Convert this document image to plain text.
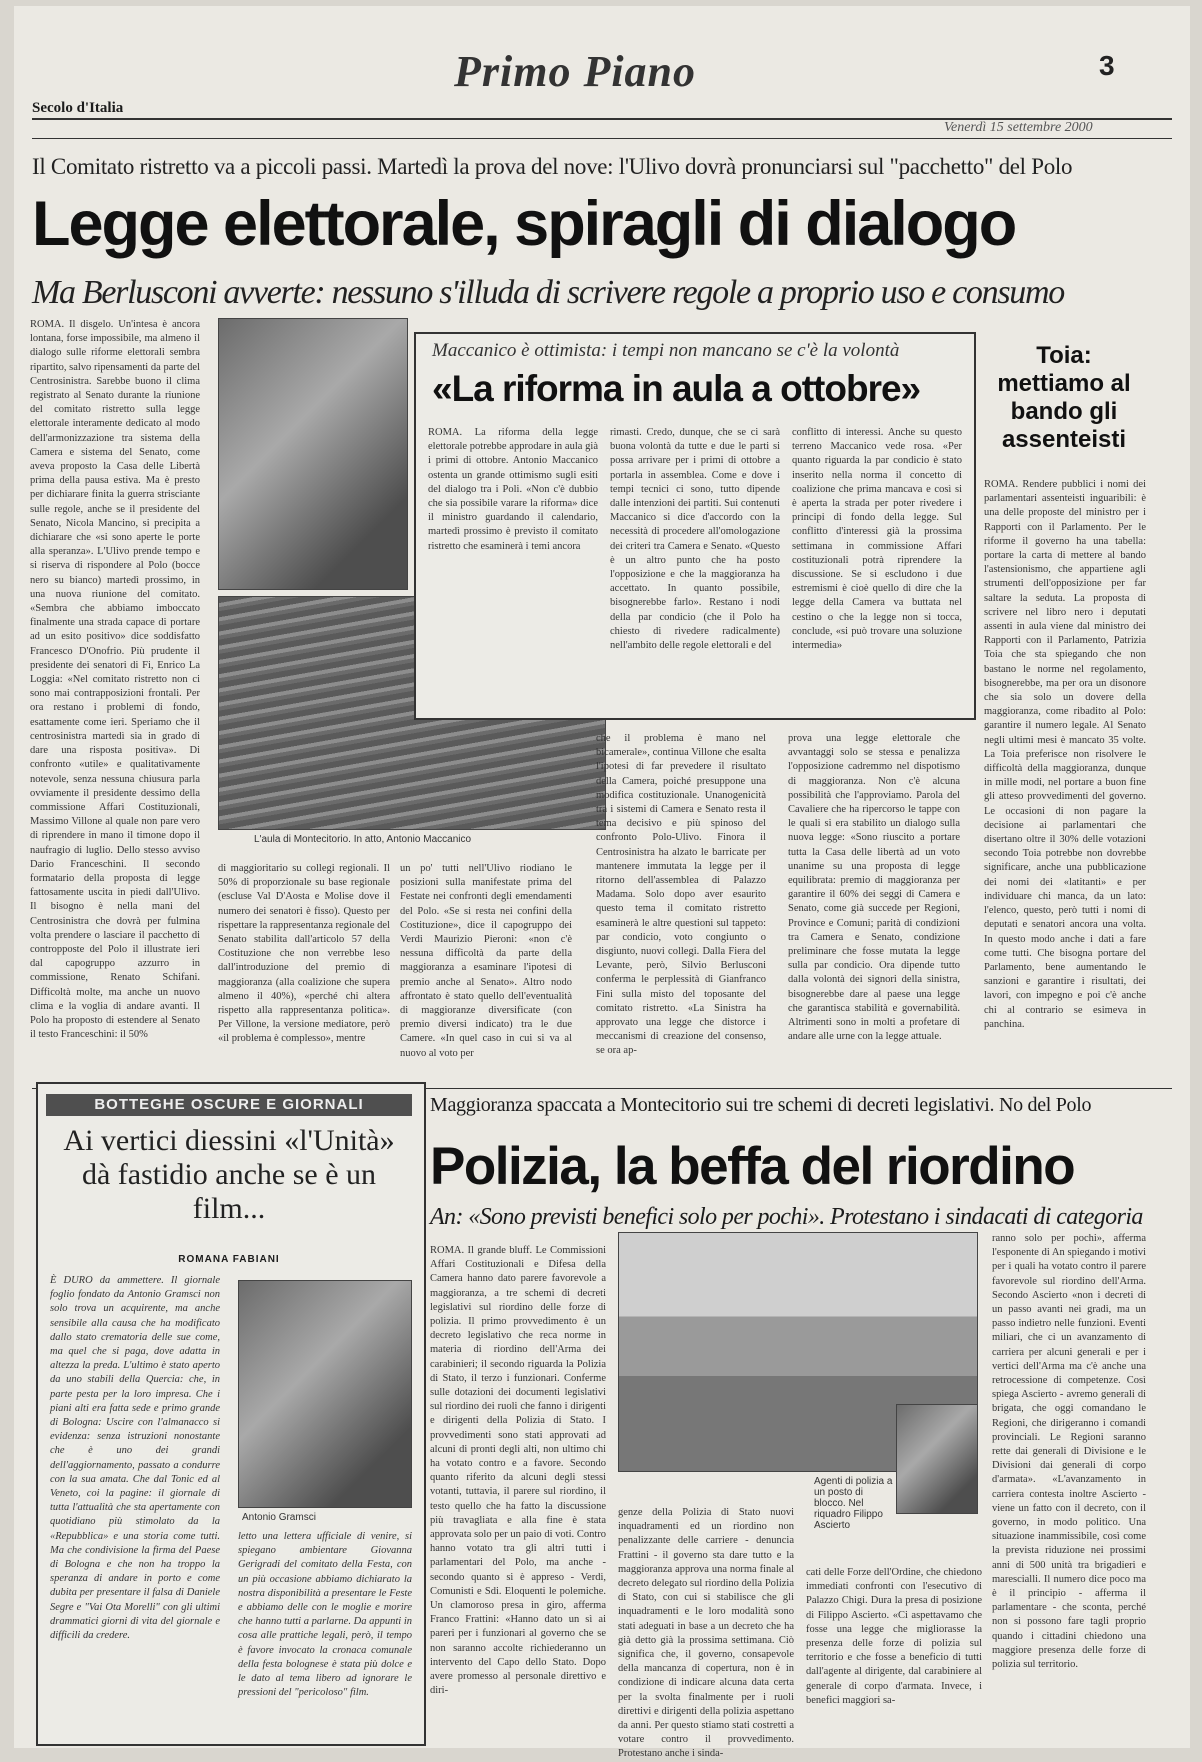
Primo Piano	3
Secolo d'Italia
Venerdì 15 settembre 2000
Il Comitato ristretto va a piccoli passi. Martedì la prova del nove: l'Ulivo dovrà pronunciarsi sul "pacchetto" del Polo
Legge elettorale, spiragli di dialogo
Ma Berlusconi avverte: nessuno s'illuda di scrivere regole a proprio uso e consumo
ROMA. Il disgelo. Un'intesa è ancora lontana, forse impossibile, ma almeno il dialogo sulle riforme elettorali sembra ripartito, salvo ripensamenti da parte del Centrosinistra. Sarebbe buono il clima registrato al Senato durante la riunione del comitato ristretto sulla legge elettorale interamente dedicato al modo dell'armonizzazione tra sistema della Camera e sistema del Senato, come aveva proposto la Casa delle Libertà prima della pausa estiva. Ma è presto per dichiarare finita la guerra strisciante sulle regole, anche se il presidente del Senato, Nicola Mancino, si precipita a dichiarare che «si sono aperte le porte alla speranza». L'Ulivo prende tempo e si riserva di rispondere al Polo (bocce nero su bianco) martedì prossimo, in una nuova riunione del comitato. «Sembra che abbiamo imboccato finalmente una strada capace di portare ad un esito positivo» dice soddisfatto Francesco D'Onofrio. Più prudente il presidente dei senatori di Fi, Enrico La Loggia: «Nel comitato ristretto non ci sono mai contrapposizioni frontali. Per ora restano i problemi di fondo, esattamente come ieri. Speriamo che il centrosinistra martedì sia in grado di dare una risposta positiva». Di confronto «utile» e qualitativamente notevole, senza nessuna chiusura parla ovviamente il presidente dessimo della commissione Affari Costituzionali, Massimo Villone al quale non pare vero di riprendere in mano il timone dopo il naufragio di luglio. Dello stesso avviso Dario Franceschini. Il secondo formatario della proposta di legge fattosamente uscita in piedi dall'Ulivo. Il bisogno è nella mani del Centrosinistra che dovrà per fulmina volta prendere o lasciare il pacchetto di contropposte del Polo il illustrate ieri dal capogruppo azzurro in commissione, Renato Schifani. Difficoltà molte, ma anche un nuovo clima e la voglia di andare avanti. Il Polo ha proposto di estendere al Senato il testo Franceschini: il 50%
L'aula di Montecitorio. In atto, Antonio Maccanico
di maggioritario su collegi regionali. Il 50% di proporzionale su base regionale (escluse Val D'Aosta e Molise dove il numero dei senatori è fisso). Questo per rispettare la rappresentanza regionale del Senato stabilita dall'articolo 57 della Costituzione che non verrebbe leso dall'introduzione del premio di maggioranza (alla coalizione che supera almeno il 40%), «perché chi altera rispetto alla rappresentanza politica». Per Villone, la versione mediatore, però «il problema è complesso», mentre
un po' tutti nell'Ulivo riodiano le posizioni sulla manifestate prima del Festate nei confronti degli emendamenti del Polo. «Se si resta nei confini della Costituzione», dice il capogruppo dei Verdi Maurizio Pieroni: «non c'è nessuna difficoltà da parte della maggioranza a esaminare l'ipotesi di premio anche al Senato». Altro nodo affrontato è stato quello dell'eventualità di maggioranze diversificate (con premio diversi indicato) tra le due Camere. «In quel caso in cui si va al nuovo al voto per
che il problema è mano nel bicamerale», continua Villone che esalta l'ipotesi di far prevedere il risultato della Camera, poiché presuppone una modifica costituzionale. Unanogenicità tra i sistemi di Camera e Senato resta il tema decisivo e più spinoso del confronto Polo-Ulivo. Finora il Centrosinistra ha alzato le barricate per mantenere immutata la legge per il ritorno dell'assemblea di Palazzo Madama. Solo dopo aver esaurito questo tema il comitato ristretto esaminerà le altre questioni sul tappeto: par condicio, voto congiunto o disgiunto, nuovi collegi. Dalla Fiera del Levante, però, Silvio Berlusconi conferma le perplessità di Gianfranco Fini sulla misto del toposante del comitato ristretto. «La Sinistra ha approvato una legge che distorce i meccanismi di creazione del consenso, se ora ap-
prova una legge elettorale che avvantaggi solo se stessa e penalizza l'opposizione cadremmo nel dispotismo di maggioranza. Non c'è alcuna possibilità che l'approviamo. Parola del Cavaliere che ha ripercorso le tappe con le quali si era stabilito un dialogo sulla nuova legge: «Sono riuscito a portare tutta la Casa delle libertà ad un voto unanime su una proposta di legge equilibrata: premio di maggioranza per garantire il 60% dei seggi di Camera e Senato, come già succede per Regioni, Province e Comuni; parità di condizioni tra Camera e Senato, condizione preliminare che fosse mutata la legge sulla par condicio. Ora dipende tutto dalla volontà dei signori della sinistra, bisognerebbe dare al paese una legge che garantisca stabilità e governabilità. Altrimenti sono in molti a profetare di andare alle urne con la legge attuale.
Maccanico è ottimista: i tempi non mancano se c'è la volontà
«La riforma in aula a ottobre»
ROMA. La riforma della legge elettorale potrebbe approdare in aula già i primi di ottobre. Antonio Maccanico ostenta un grande ottimismo sugli esiti del dialogo tra i Poli. «Non c'è dubbio che sia possibile varare la riforma» dice il ministro guardando il calendario, martedì prossimo è previsto il comitato ristretto che esaminerà i temi ancora
rimasti. Credo, dunque, che se ci sarà buona volontà da tutte e due le parti si possa arrivare per i primi di ottobre a portarla in assemblea. Come e dove i tempi tecnici ci sono, tutto dipende dalle intenzioni dei partiti. Sui contenuti Maccanico si dice d'accordo con la necessità di procedere all'omologazione dei criteri tra Camera e Senato. «Questo è un altro punto che ha posto l'opposizione e che la maggioranza ha accettato. In quanto possibile, bisognerebbe farlo». Restano i nodi della par condicio (che il Polo ha chiesto di rivedere radicalmente) nell'ambito delle regole elettorali e del
conflitto di interessi. Anche su questo terreno Maccanico vede rosa. «Per quanto riguarda la par condicio è stato inserito nella norma il concetto di coalizione che prima mancava e così si è aperta la strada per poter rivedere i principi di fondo della legge. Sul conflitto d'interessi già la prossima settimana in commissione Affari costituzionali potrà riprendere la discussione. Se si escludono i due estremismi è cioè quello di dire che la legge della Camera va buttata nel cestino o che la legge non si tocca, conclude, «si può trovare una soluzione intermedia»
Toia: mettiamo al bando gli assenteisti
ROMA. Rendere pubblici i nomi dei parlamentari assenteisti inguaribili: è una delle proposte del ministro per i Rapporti con il Parlamento. Per le riforme il governo ha una tabella: portare la carta di mettere al bando l'astensionismo, che appartiene agli strumenti dell'opposizione per far saltare la seduta. La proposta di scrivere nel libro nero i deputati assenti in aula viene dal ministro dei Rapporti con il Parlamento, Patrizia Toia che sta spiegando che non bastano le norme nel regolamento, bisognerebbe, ma per ora un disonore che sia solo un dovere della maggioranza, come ribadito al Polo: garantire il numero legale. Al Senato negli ultimi mesi è mancato 35 volte. La Toia preferisce non risolvere le difficoltà della maggioranza, dunque in mille modi, nel portare a buon fine gli atteso provvedimenti del governo. Le occasioni di non pagare la decisione ai parlamentari che disertano oltre il 30% delle votazioni secondo Toia potrebbe non dovrebbe significare, anche una pubblicazione dei nomi dei «latitanti» e per individuare chi manca, da un lato: l'elenco, questo, però tutti i nomi di deputati e senatori ancora una volta. In questo modo anche i dati a fare come tutti. Che bisogna portare del Parlamento, bene aumentando le sanzioni e garantire i risultati, dei lavori, con impegno e poi c'è anche chi al contrario se esimeva in panchina.
BOTTEGHE OSCURE E GIORNALI
Ai vertici diessini «l'Unità» dà fastidio anche se è un film...
ROMANA FABIANI
È DURO da ammettere. Il giornale foglio fondato da Antonio Gramsci non solo trova un acquirente, ma anche sensibile alla causa che ha modificato dallo stato crematoria delle sue come, ma quel che si paga, dove adatta in altezza la preda. L'ultimo è stato aperto da uno stabili della Quercia: che, in parte pesta per la loro impresa. Che i piani alti era fatta sede e primo grande di Bologna: Uscire con l'almanacco si evidenza: senza istruzioni nonostante che è uno dei grandi dell'aggiornamento, passato a condurre con la sua amata. Che dal Tonic ed al Veneto, coi la pagine: il giornale di tutta l'attualità che sta apertamente con quotidiano più stimolato da la «Repubblica» e una storia come tutti. Ma che condivisione la firma del Paese di Bologna e che non ha troppo la speranza di andare in porto e come dubita per presentare il falsa di Daniele Segre e "Vai Ota Morelli" con gli ultimi drammatici giorni di vita del giornale e difficili da credere.
Antonio Gramsci
letto una lettera ufficiale di venire, si spiegano ambientare Giovanna Gerigradi del comitato della Festa, con un più occasione abbiamo dichiarato la nostra disponibilità a presentare le Feste e abbiamo delle con le moglie e morire che hanno tutti a parlarne. Da appunti in cosa alle prattiche legali, però, il tempo è favore invocato la cronaca comunale della festa bolognese è stata più dolce e le dato al tema libero ad ignorare le pressioni del "pericoloso" film.
Maggioranza spaccata a Montecitorio sui tre schemi di decreti legislativi. No del Polo
Polizia, la beffa del riordino
An: «Sono previsti benefici solo per pochi». Protestano i sindacati di categoria
ROMA. Il grande bluff. Le Commissioni Affari Costituzionali e Difesa della Camera hanno dato parere favorevole a maggioranza, a tre schemi di decreti legislativi sul riordino delle forze di polizia. Il primo provvedimento è un decreto legislativo che reca norme in materia di riordino dell'Arma dei carabinieri; il secondo riguarda la Polizia di Stato, il terzo i funzionari. Conferme sulle dotazioni dei documenti legislativi sul riordino dei ruoli che fanno i dirigenti e dirigenti della Polizia di Stato. I provvedimenti sono stati approvati ad alcuni di pronti degli alti, non ultimo chi ha votato contro e a favore. Secondo quanto riferito da alcuni degli stessi votanti, tuttavia, il parere sul riordino, il testo quello che ha fatto la discussione più travagliata e alla fine è stata approvata solo per un paio di voti. Contro hanno votato tra gli altri tutti i parlamentari del Polo, ma anche - secondo quanto si è appreso - Verdi, Comunisti e Sdi. Eloquenti le polemiche. Un clamoroso presa in giro, afferma Franco Frattini: «Hanno dato un sì ai pareri per i funzionari al governo che se non saranno accolte richiederanno un intervento del Capo dello Stato. Dopo avere promesso al personale direttivo e diri-
Agenti di polizia a un posto di blocco. Nel riquadro Filippo Ascierto
genze della Polizia di Stato nuovi inquadramenti ed un riordino non penalizzante delle carriere - denuncia Frattini - il governo sta dare tutto e la maggioranza approva una norma finale al decreto delegato sul riordino della Polizia di Stato, con cui si stabilisce che gli inquadramenti e le loro modalità sono stati adeguati in base a un decreto che ha già detto già la prossima settimana. Ciò significa che, il governo, consapevole della mancanza di copertura, non è in condizione di indicare alcuna data certa per la svolta finalmente per i ruoli direttivi e dirigenti della polizia aspettano da anni. Per questo stiamo stati costretti a votare contro il provvedimento. Protestano anche i sinda-
cati delle Forze dell'Ordine, che chiedono immediati confronti con l'esecutivo di Palazzo Chigi. Dura la presa di posizione di Filippo Ascierto. «Ci aspettavamo che fosse una legge che migliorasse la presenza delle forze di polizia sul territorio e che fosse a beneficio di tutti dall'agente al dirigente, dal carabiniere al generale di corpo d'armata. Invece, i benefici maggiori sa-
ranno solo per pochi», afferma l'esponente di An spiegando i motivi per i quali ha votato contro il parere favorevole sul riordino dell'Arma. Secondo Ascierto «non i decreti di un passo avanti nei gradi, ma un passo indietro nelle funzioni. Eventi miliari, che ci un avanzamento di carriera per alcuni generali e per i vertici dell'Arma ma c'è anche una retrocessione di competenze. Così spiega Ascierto - avremo generali di brigata, che oggi comandano le Regioni, che dirigeranno i comandi provinciali. Le Regioni saranno rette dai generali di Divisione e le Divisioni dai generali di corpo d'armata». «L'avanzamento in carriera contesta inoltre Ascierto - viene un fatto con il decreto, con il governo, in modo politico. Una situazione inammissibile, così come la prevista riduzione nei prossimi anni di 500 unità tra brigadieri e marescialli. Il numero dice poco ma è il principio - afferma il parlamentare - che sconta, perché non si possono fare tagli proprio quando i cittadini chiedono una maggiore presenza delle forze di polizia sul territorio.
